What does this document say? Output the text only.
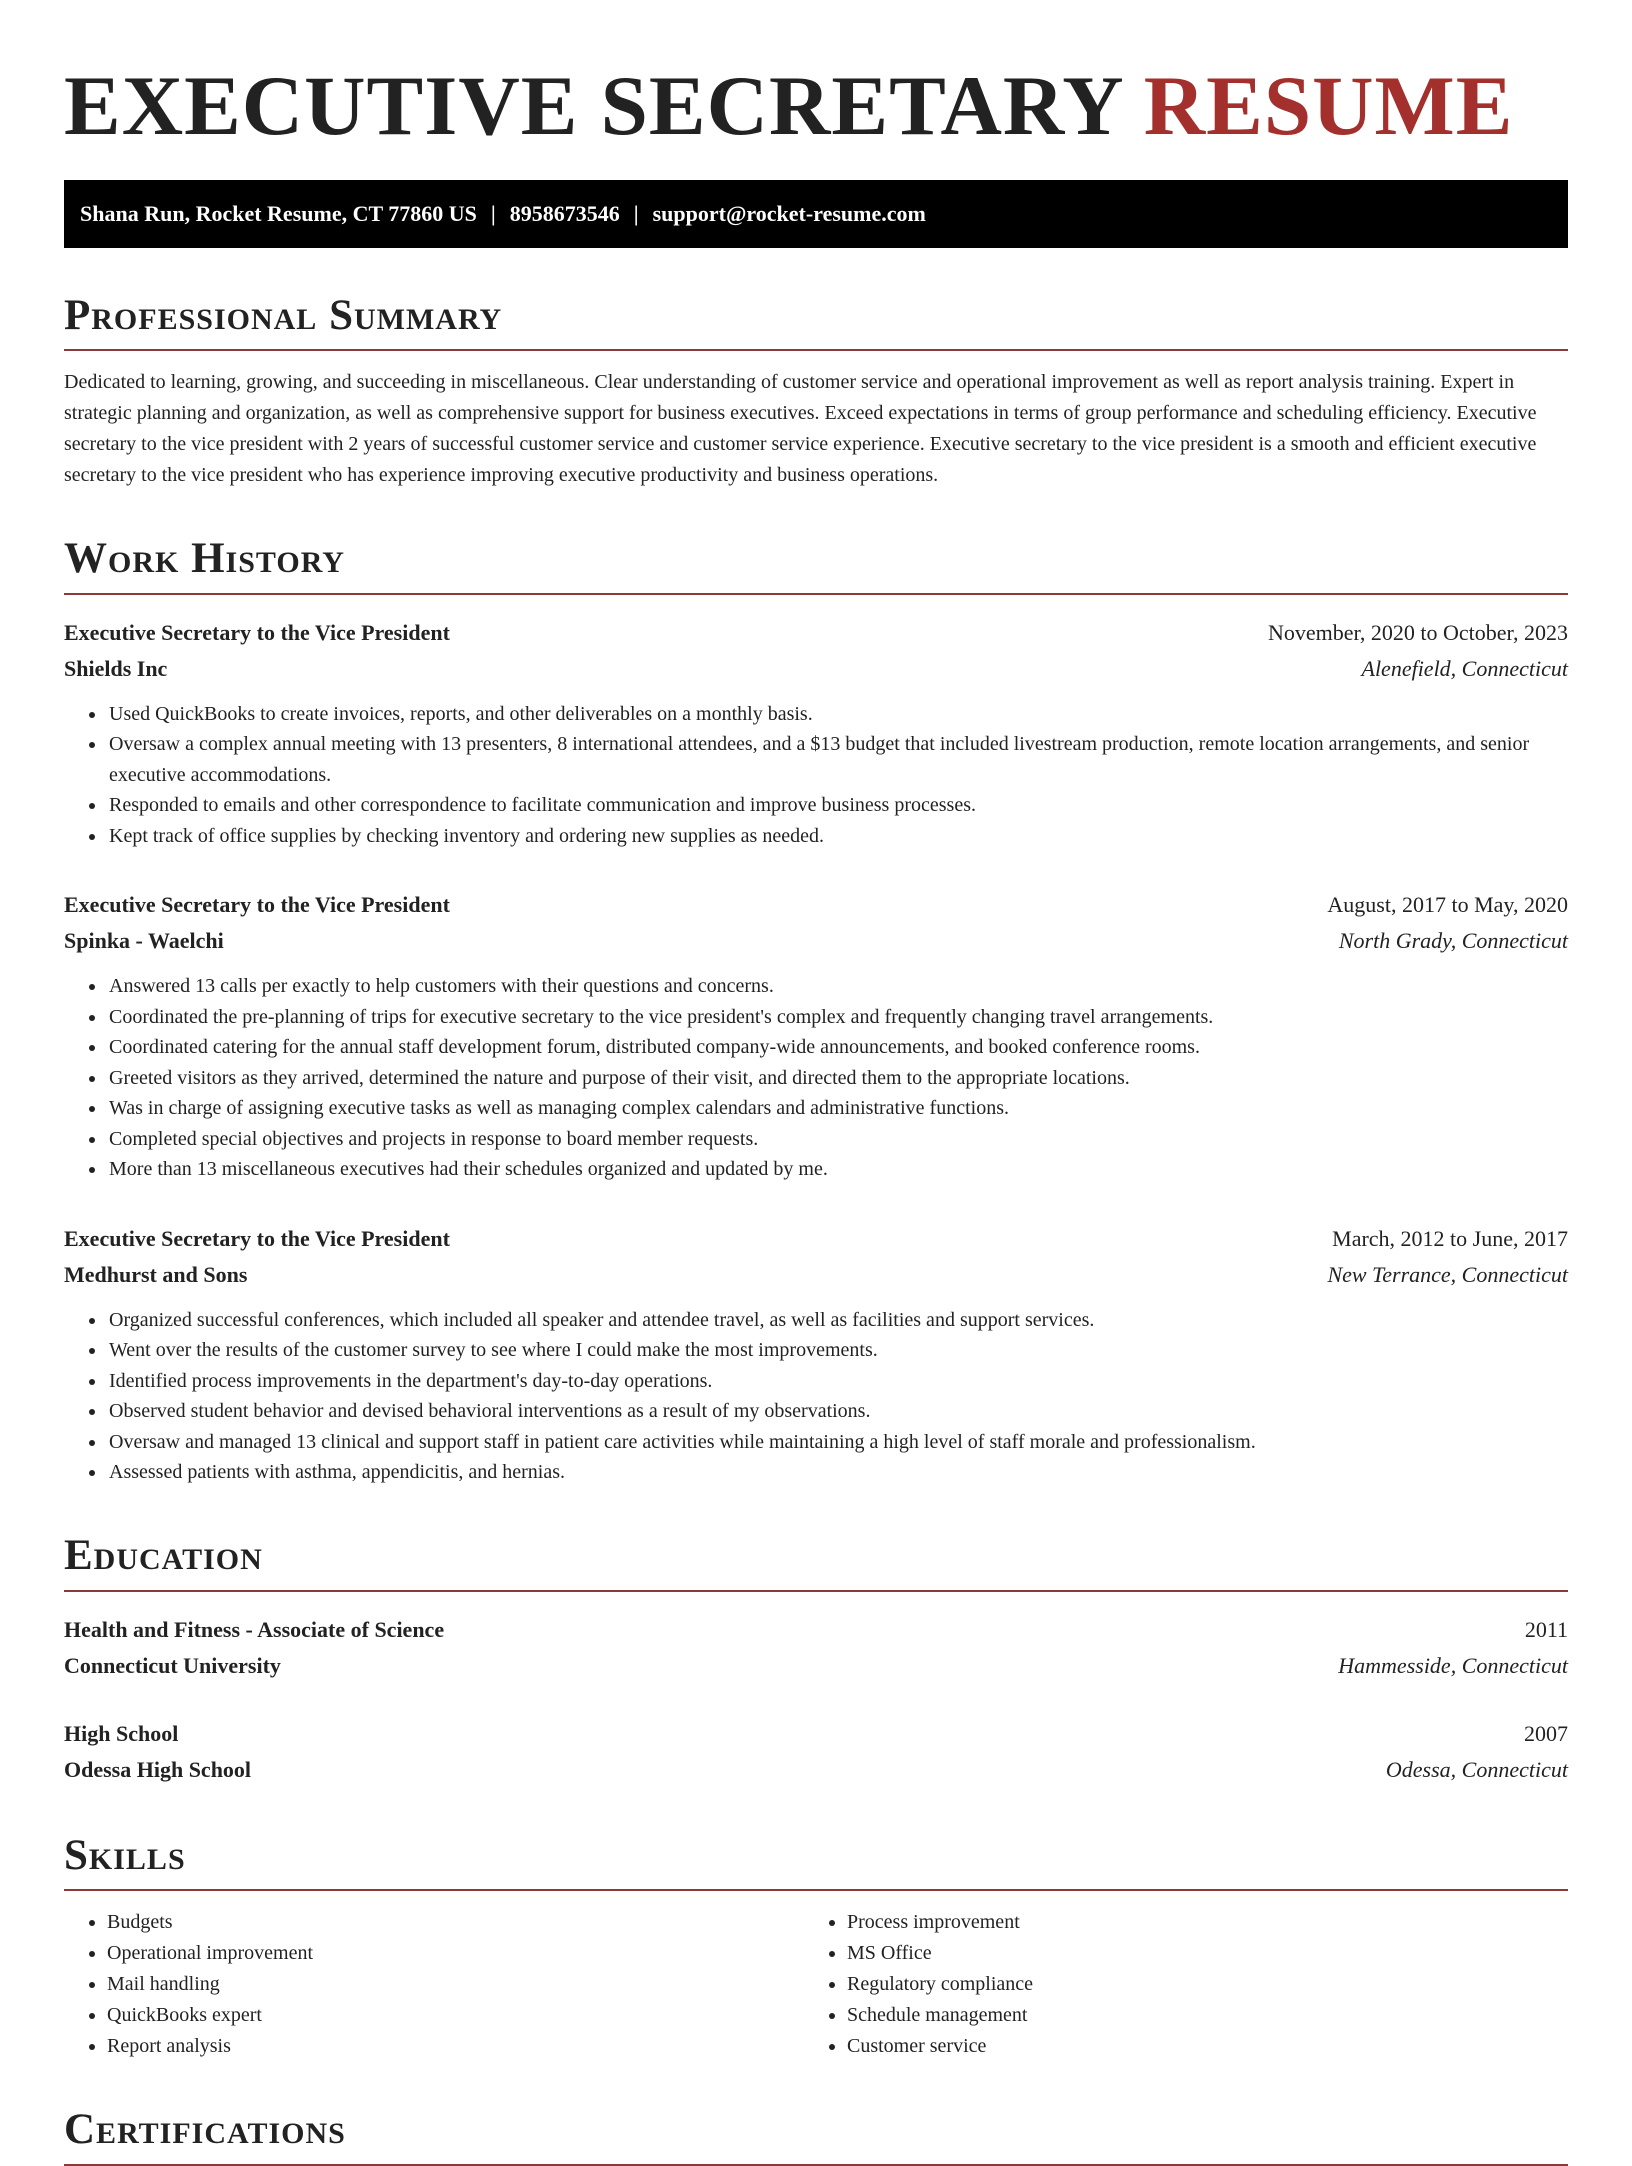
EXECUTIVE SECRETARY RESUME
Shana Run, Rocket Resume, CT 77860 US | 8958673546 | support@rocket-resume.com
Professional Summary

Dedicated to learning, growing, and succeeding in miscellaneous. Clear understanding of customer service and operational improvement as well as report analysis training. Expert in strategic planning and organization, as well as comprehensive support for business executives. Exceed expectations in terms of group performance and scheduling efficiency. Executive secretary to the vice president with 2 years of successful customer service and customer service experience. Executive secretary to the vice president is a smooth and efficient executive secretary to the vice president who has experience improving executive productivity and business operations.

Work History
Executive Secretary to the Vice President	November, 2020 to October, 2023
Shields Inc	Alenefield, Connecticut
• Used QuickBooks to create invoices, reports, and other deliverables on a monthly basis.
• Oversaw a complex annual meeting with 13 presenters, 8 international attendees, and a $13 budget that included livestream production, remote location arrangements, and senior executive accommodations.
• Responded to emails and other correspondence to facilitate communication and improve business processes.
• Kept track of office supplies by checking inventory and ordering new supplies as needed.
Executive Secretary to the Vice President	August, 2017 to May, 2020
Spinka - Waelchi	North Grady, Connecticut
• Answered 13 calls per exactly to help customers with their questions and concerns.
• Coordinated the pre-planning of trips for executive secretary to the vice president's complex and frequently changing travel arrangements.
• Coordinated catering for the annual staff development forum, distributed company-wide announcements, and booked conference rooms.
• Greeted visitors as they arrived, determined the nature and purpose of their visit, and directed them to the appropriate locations.
• Was in charge of assigning executive tasks as well as managing complex calendars and administrative functions.
• Completed special objectives and projects in response to board member requests.
• More than 13 miscellaneous executives had their schedules organized and updated by me.
Executive Secretary to the Vice President	March, 2012 to June, 2017
Medhurst and Sons	New Terrance, Connecticut
• Organized successful conferences, which included all speaker and attendee travel, as well as facilities and support services.
• Went over the results of the customer survey to see where I could make the most improvements.
• Identified process improvements in the department's day-to-day operations.
• Observed student behavior and devised behavioral interventions as a result of my observations.
• Oversaw and managed 13 clinical and support staff in patient care activities while maintaining a high level of staff morale and professionalism.
• Assessed patients with asthma, appendicitis, and hernias.
Education
Health and Fitness - Associate of Science	2011
Connecticut University	Hammesside, Connecticut
High School	2007
Odessa High School	Odessa, Connecticut
Skills
• Budgets
• Operational improvement
• Mail handling
• QuickBooks expert
• Report analysis
• Process improvement
• MS Office
• Regulatory compliance
• Schedule management
• Customer service
Certifications
